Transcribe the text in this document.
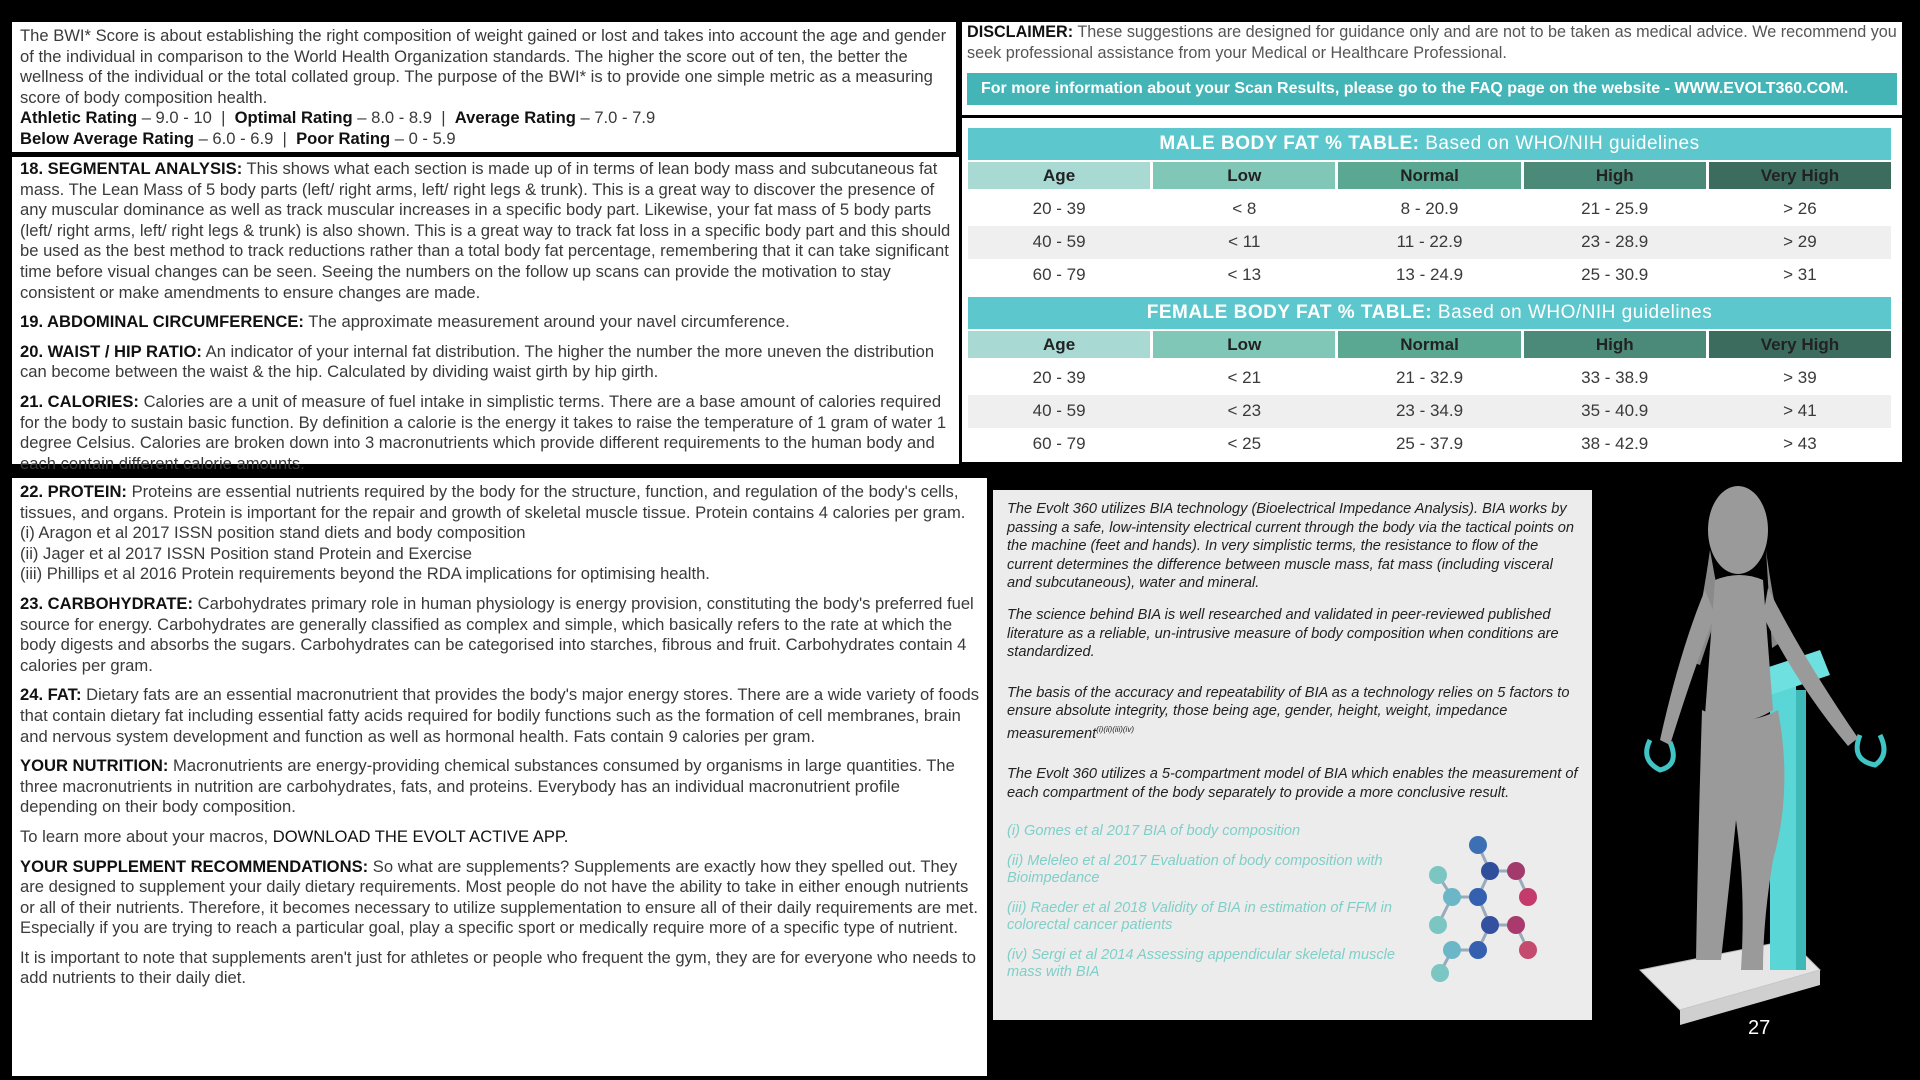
The BWI* Score is about establishing the right composition of weight gained or lost and takes into account the age and gender of the individual in comparison to the World Health Organization standards. The higher the score out of ten, the better the wellness of the individual or the total collated group. The purpose of the BWI* is to provide one simple metric as a measuring score of body composition health.

Athletic Rating – 9.0 - 10  |  Optimal Rating – 8.0 - 8.9  |  Average Rating – 7.0 - 7.9
Below Average Rating – 6.0 - 6.9  |  Poor Rating – 0 - 5.9

18. SEGMENTAL ANALYSIS: This shows what each section is made up of in terms of lean body mass and subcutaneous fat mass. The Lean Mass of 5 body parts (left/ right arms, left/ right legs & trunk). This is a great way to discover the presence of any muscular dominance as well as track muscular increases in a specific body part. Likewise, your fat mass of 5 body parts (left/ right arms, left/ right legs & trunk) is also shown. This is a great way to track fat loss in a specific body part and this should be used as the best method to track reductions rather than a total body fat percentage, remembering that it can take significant time before visual changes can be seen. Seeing the numbers on the follow up scans can provide the motivation to stay consistent or make amendments to ensure changes are made.

19. ABDOMINAL CIRCUMFERENCE: The approximate measurement around your navel circumference.

20. WAIST / HIP RATIO: An indicator of your internal fat distribution. The higher the number the more uneven the distribution can become between the waist & the hip. Calculated by dividing waist girth by hip girth.

21. CALORIES: Calories are a unit of measure of fuel intake in simplistic terms. There are a base amount of calories required for the body to sustain basic function. By definition a calorie is the energy it takes to raise the temperature of 1 gram of water 1 degree Celsius. Calories are broken down into 3 macronutrients which provide different requirements to the human body and each contain different calorie amounts.

22. PROTEIN: Proteins are essential nutrients required by the body for the structure, function, and regulation of the body's cells, tissues, and organs. Protein is important for the repair and growth of skeletal muscle tissue. Protein contains 4 calories per gram.

(i) Aragon et al 2017 ISSN position stand diets and body composition
(ii) Jager et al 2017 ISSN Position stand Protein and Exercise
(iii) Phillips et al 2016 Protein requirements beyond the RDA implications for optimising health.

23. CARBOHYDRATE: Carbohydrates primary role in human physiology is energy provision, constituting the body's preferred fuel source for energy. Carbohydrates are generally classified as complex and simple, which basically refers to the rate at which the body digests and absorbs the sugars. Carbohydrates can be categorised into starches, fibrous and fruit. Carbohydrates contain 4 calories per gram.

24. FAT: Dietary fats are an essential macronutrient that provides the body's major energy stores. There are a wide variety of foods that contain dietary fat including essential fatty acids required for bodily functions such as the formation of cell membranes, brain and nervous system development and function as well as hormonal health. Fats contain 9 calories per gram.

YOUR NUTRITION: Macronutrients are energy-providing chemical substances consumed by organisms in large quantities. The three macronutrients in nutrition are carbohydrates, fats, and proteins. Everybody has an individual macronutrient profile depending on their body composition.

To learn more about your macros, DOWNLOAD THE EVOLT ACTIVE APP.

YOUR SUPPLEMENT RECOMMENDATIONS: So what are supplements? Supplements are exactly how they spelled out. They are designed to supplement your daily dietary requirements. Most people do not have the ability to take in either enough nutrients or all of their nutrients. Therefore, it becomes necessary to utilize supplementation to ensure all of their daily requirements are met. Especially if you are trying to reach a particular goal, play a specific sport or medically require more of a specific type of nutrient.

It is important to note that supplements aren't just for athletes or people who frequent the gym, they are for everyone who needs to add nutrients to their daily diet.

DISCLAIMER: These suggestions are designed for guidance only and are not to be taken as medical advice. We recommend you seek professional assistance from your Medical or Healthcare Professional.

For more information about your Scan Results, please go to the FAQ page on the website - WWW.EVOLT360.COM.
MALE BODY FAT % TABLE: Based on WHO/NIH guidelines
Age	Low	Normal	High	Very High
20 - 39	< 8	8 - 20.9	21 - 25.9	> 26
40 - 59	< 11	11 - 22.9	23 - 28.9	> 29
60 - 79	< 13	13 - 24.9	25 - 30.9	> 31
FEMALE BODY FAT % TABLE: Based on WHO/NIH guidelines
Age	Low	Normal	High	Very High
20 - 39	< 21	21 - 32.9	33 - 38.9	> 39
40 - 59	< 23	23 - 34.9	35 - 40.9	> 41
60 - 79	< 25	25 - 37.9	38 - 42.9	> 43

The Evolt 360 utilizes BIA technology (Bioelectrical Impedance Analysis). BIA works by passing a safe, low-intensity electrical current through the body via the tactical points on the machine (feet and hands). In very simplistic terms, the resistance to flow of the current determines the difference between muscle mass, fat mass (including visceral and subcutaneous), water and mineral.

The science behind BIA is well researched and validated in peer-reviewed published literature as a reliable, un-intrusive measure of body composition when conditions are standardized.

The basis of the accuracy and repeatability of BIA as a technology relies on 5 factors to ensure absolute integrity, those being age, gender, height, weight, impedance measurement$^{(i)(ii)(iii)(iv)}$

The Evolt 360 utilizes a 5-compartment model of BIA which enables the measurement of each compartment of the body separately to provide a more conclusive result.

(i) Gomes et al 2017 BIA of body composition
(ii) Meleleo et al 2017 Evaluation of body composition with Bioimpedance
(iii) Raeder et al 2018 Validity of BIA in estimation of FFM in colorectal cancer patients
(iv) Sergi et al 2014 Assessing appendicular skeletal muscle mass with BIA
27
